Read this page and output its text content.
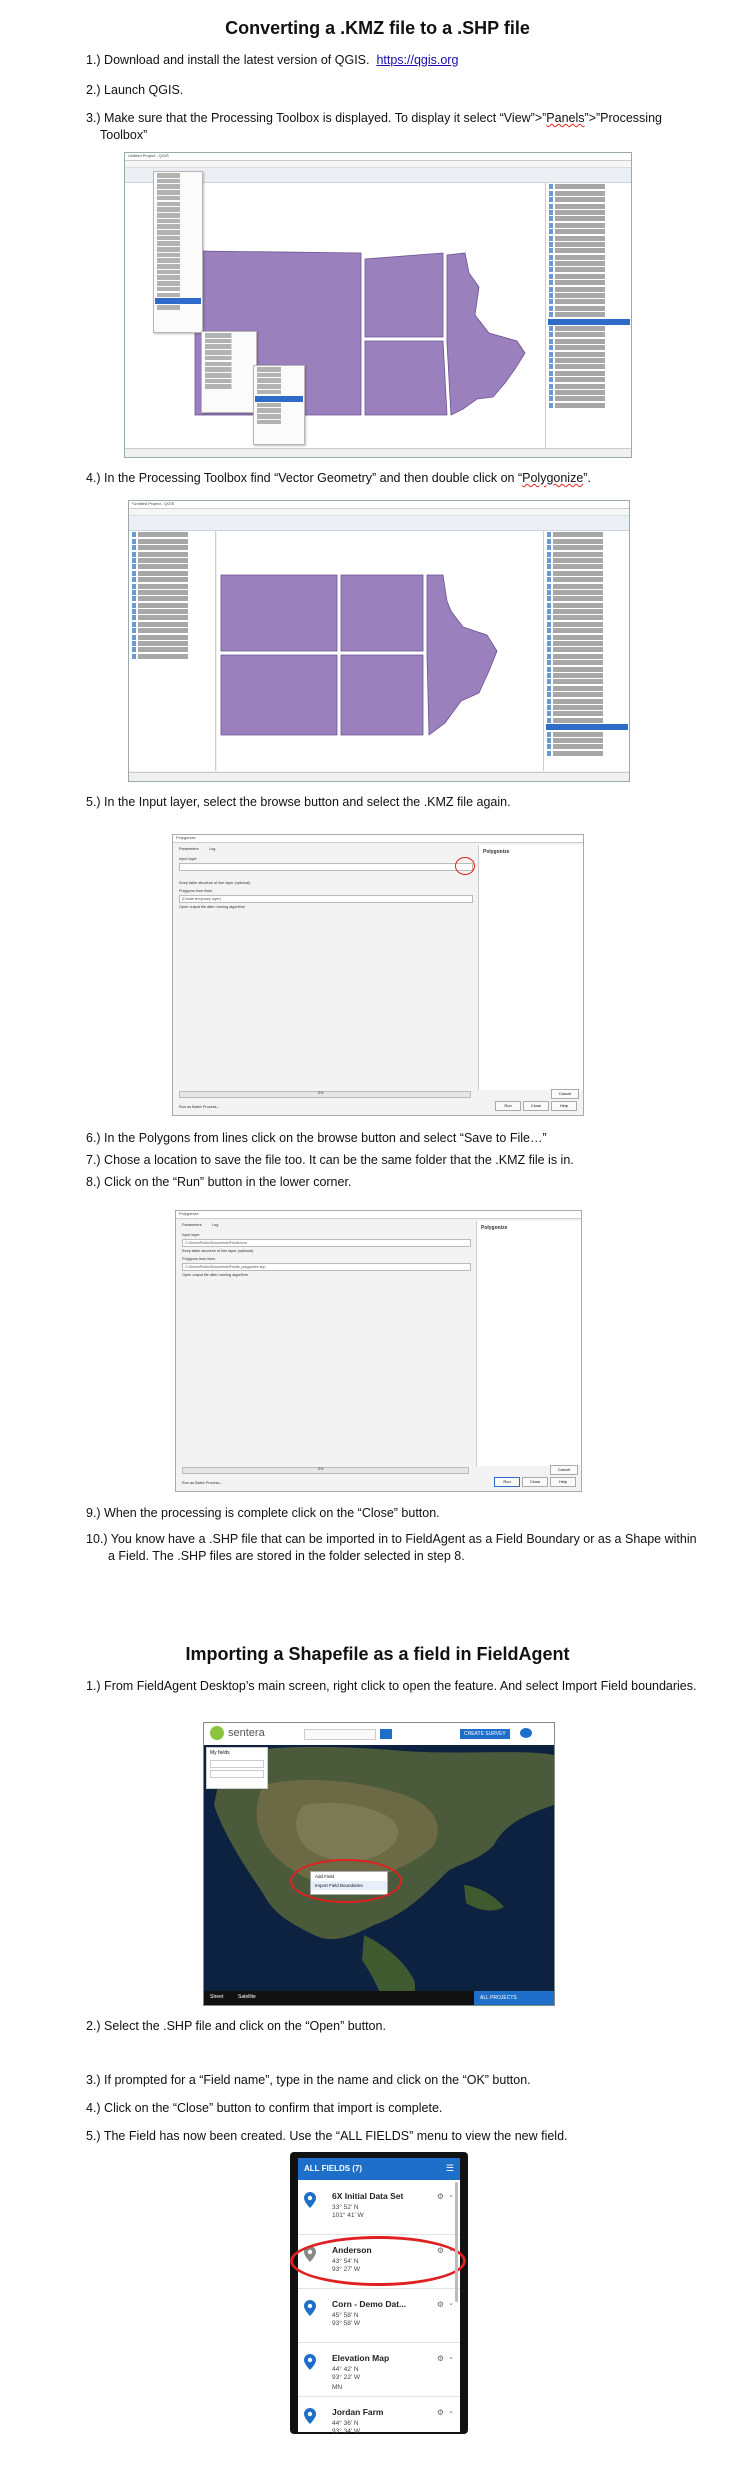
Converting a .KMZ file to a .SHP file
1.) Download and install the latest version of QGIS. https://qgis.org
2.) Launch QGIS.
3.) Make sure that the Processing Toolbox is displayed. To display it select “View”>”Panels”>”Processing Toolbox”
Untitled Project - QGIS
4.) In the Processing Toolbox find “Vector Geometry” and then double click on “Polygonize”.
*Untitled Project - QGIS
5.) In the Input layer, select the browse button and select the .KMZ file again.
Polygonize
Parameters	Log
Input layer
Keep table structure of line layer (optional)
Polygons from lines
[Create temporary layer]
Open output file after running algorithm
Polygonize
0%	Cancel
Run as Batch Process...	Run	Close	Help
6.) In the Polygons from lines click on the browse button and select “Save to File…”
7.) Chose a location to save the file too. It can be the same folder that the .KMZ file is in.
8.) Click on the “Run” button in the lower corner.
Polygonize
Parameters	Log
Input layer
C:/Users/Public/Documents/Fields.kmz
Keep table structure of line layer (optional)
Polygons from lines
C:/Users/Public/Documents/Fields_polygonize.shp
Open output file after running algorithm
Polygonize
0%	Cancel
Run as Batch Process...	Run	Close	Help
9.) When the processing is complete click on the “Close” button.
10.) You know have a .SHP file that can be imported in to FieldAgent as a Field Boundary or as a Shape within a Field. The .SHP files are stored in the folder selected in step 8.
Importing a Shapefile as a field in FieldAgent
1.) From FieldAgent Desktop’s main screen, right click to open the feature. And select Import Field boundaries.
sentera	CREATE SURVEY
My fields
Add Field
Import Field Boundaries
Street	Satellite	ALL PROJECTS
2.) Select the .SHP file and click on the “Open” button.
3.) If prompted for a “Field name”, type in the name and click on the “OK” button.
4.) Click on the “Close” button to confirm that import is complete.
5.) The Field has now been created. Use the “ALL FIELDS” menu to view the new field.
ALL FIELDS (7)	☰
6X Initial Data Set
33° 52' N
101° 41' W
⚙ ⌄
Anderson
43° 54' N
93° 27' W
⚙ ⌄
Corn - Demo Dat...
45° 58' N
93° 58' W
⚙ ⌄
Elevation Map
44° 42' N
93° 22' W
MN
⚙ ⌄
Jordan Farm
44° 36' N
93° 34' W
⚙ ⌄
